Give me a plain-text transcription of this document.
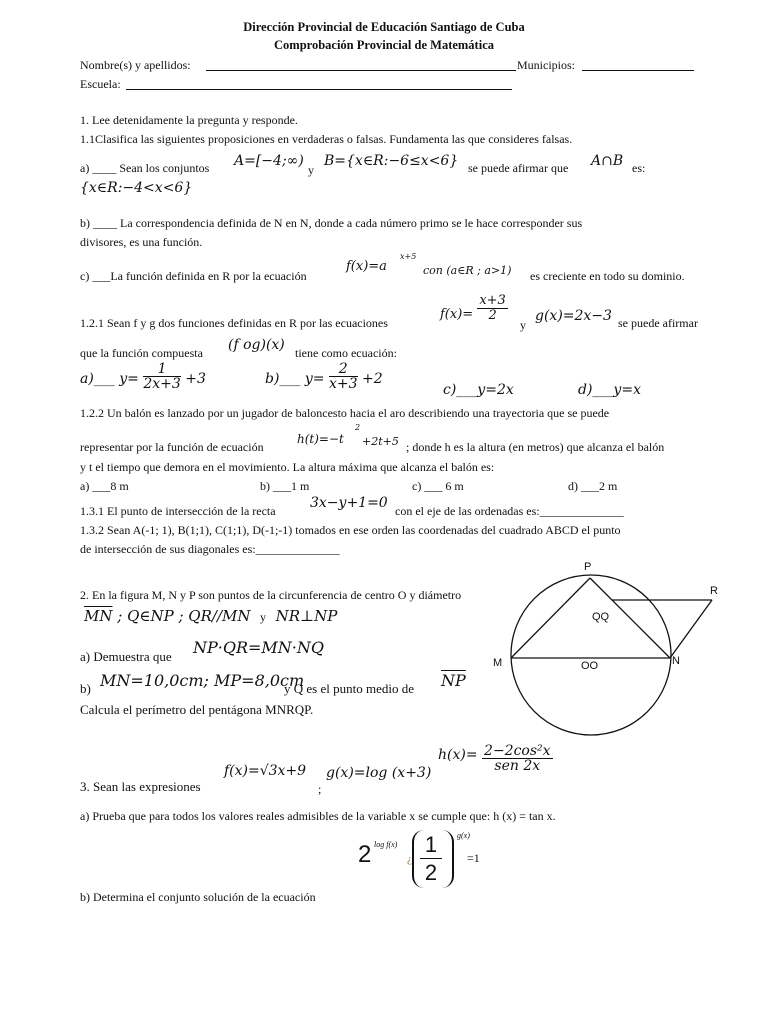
Dirección Provincial de Educación Santiago de Cuba
Comprobación Provincial de Matemática
Nombre(s) y apellidos:	Municipios:
Escuela:
1. Lee detenidamente la pregunta y responde.
1.1Clasifica las siguientes proposiciones en verdaderas o falsas. Fundamenta las que consideres falsas.
a) ____ Sean los conjuntos A=[−4;∞)
y
B={x∈R:−6≤x<6} se puede afirmar que A∩B es:
{x∈R:−4<x<6}
b) ____ La correspondencia definida de N en N, donde a cada número primo se le hace corresponder sus
divisores, es una función.
c) ___La función definida en R por la ecuación
f(x)=a
x+5
con (a∈R ; a>1) es creciente en todo su dominio.
1.2.1 Sean f y g dos funciones definidas en R por las ecuaciones
$f(x)= \frac{x+3}{2}$
y
g(x)=2x−3 se puede afirmar
que la función compuesta (f og)(x) tiene como ecuación:
a)___ $y= \frac{1}{2x+3} +3$	b)___ $y= \frac{2}{x+3} +2$
c)___y=2x	d)___y=x
1.2.2 Un balón es lanzado por un jugador de baloncesto hacia el aro describiendo una trayectoria que se puede
representar por la función de ecuación
h(t)=−t
2
+2t+5 ; donde h es la altura (en metros) que alcanza el balón
y t el tiempo que demora en el movimiento. La altura máxima que alcanza el balón es:
a) ___8 m	b) ___1 m	c) ___ 6 m	d) ___2 m
1.3.1 El punto de intersección de la recta 3x−y+1=0 con el eje de las ordenadas es:______________
1.3.2 Sean A(-1; 1), B(1;1), C(1;1), D(-1;-1) tomados en ese orden las coordenadas del cuadrado ABCD el punto
de intersección de sus diagonales es:______________
2. En la figura M, N y P son puntos de la circunferencia de centro O y diámetro
$\overline{MN}$ ; Q∈NP ; QR//MN y NR⊥NP
a) Demuestra que NP·QR=MN·NQ
b) MN=10,0cm; MP=8,0cm
y Q es el punto medio de $\overline{NP}$
Calcula el perímetro del pentágona MNRQP.
P
R
M	N
QQ
OO
3. Sean las expresiones
f(x)=√3x+9
;
g(x)=log (x+3)
$h(x)= \frac{\text{2−2cos²x}}{\text{sen 2x}}$
a) Prueba que para todos los valores reales admisibles de la variable x se cumple que: h (x) = tan x.
2 log f(x)
¿
1
2
g(x)
=1
b) Determina el conjunto solución de la ecuación
